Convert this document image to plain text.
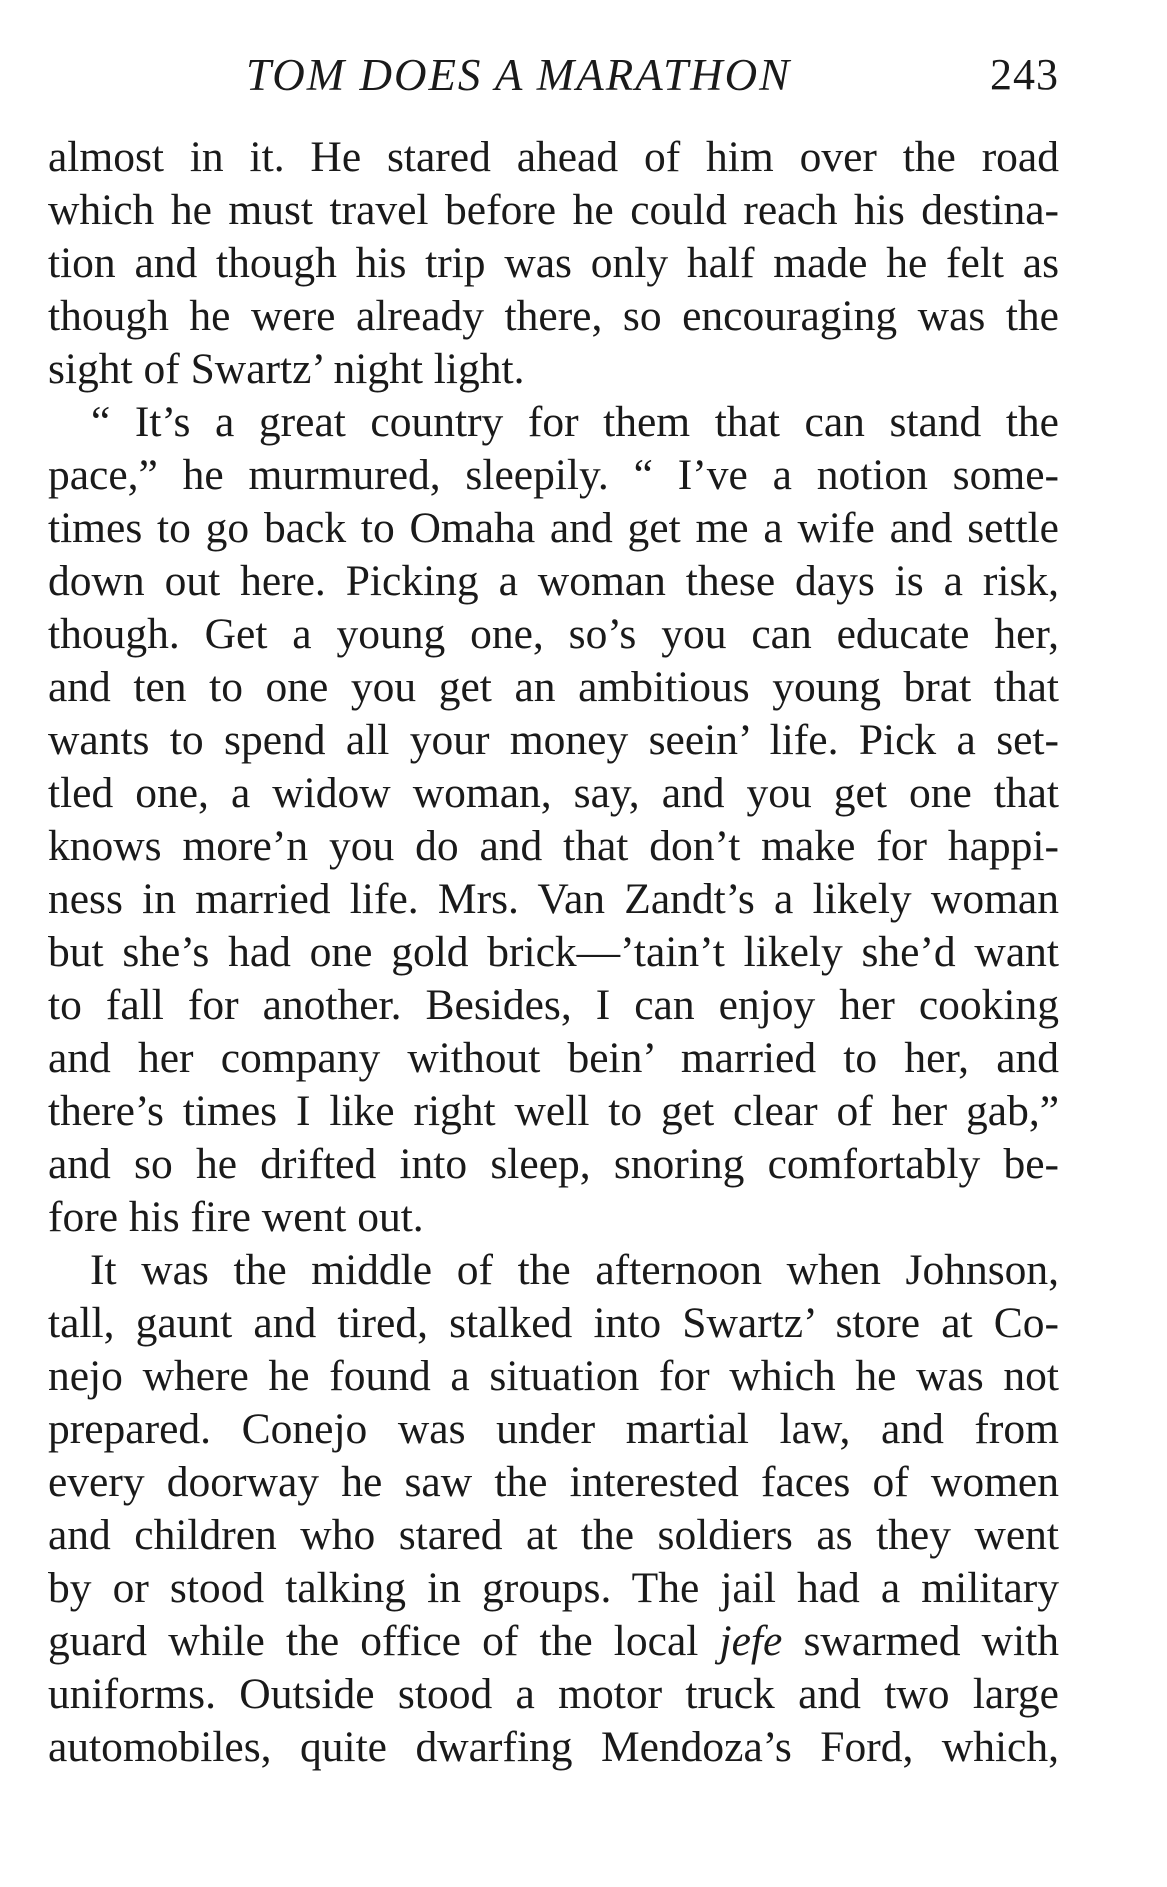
TOM DOES A MARATHON	243
almost in it. He stared ahead of him over the road
which he must travel before he could reach his destina-
tion and though his trip was only half made he felt as
though he were already there, so encouraging was the
sight of Swartz’ night light.
“ It’s a great country for them that can stand the
pace,” he murmured, sleepily. “ I’ve a notion some-
times to go back to Omaha and get me a wife and settle
down out here. Picking a woman these days is a risk,
though. Get a young one, so’s you can educate her,
and ten to one you get an ambitious young brat that
wants to spend all your money seein’ life. Pick a set-
tled one, a widow woman, say, and you get one that
knows more’n you do and that don’t make for happi-
ness in married life. Mrs. Van Zandt’s a likely woman
but she’s had one gold brick—’tain’t likely she’d want
to fall for another. Besides, I can enjoy her cooking
and her company without bein’ married to her, and
there’s times I like right well to get clear of her gab,”
and so he drifted into sleep, snoring comfortably be-
fore his fire went out.
It was the middle of the afternoon when Johnson,
tall, gaunt and tired, stalked into Swartz’ store at Co-
nejo where he found a situation for which he was not
prepared. Conejo was under martial law, and from
every doorway he saw the interested faces of women
and children who stared at the soldiers as they went
by or stood talking in groups. The jail had a military
guard while the office of the local jefe swarmed with
uniforms. Outside stood a motor truck and two large
automobiles, quite dwarfing Mendoza’s Ford, which,
